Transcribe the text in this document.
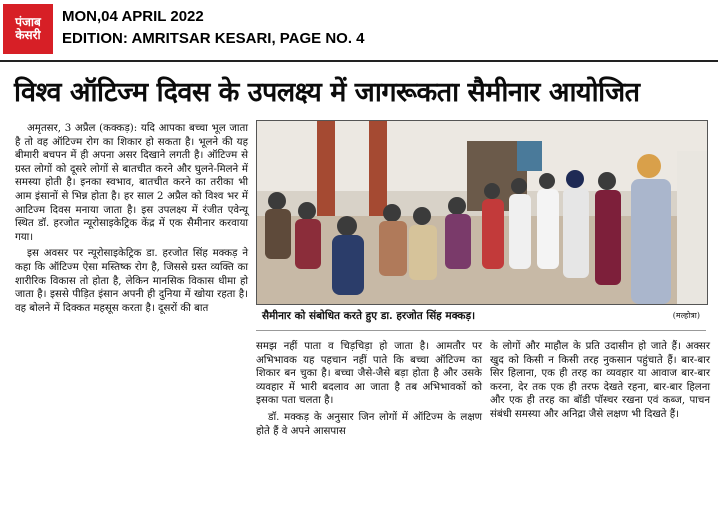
पंजाब
केसरी
MON,04 APRIL 2022
EDITION: AMRITSAR KESARI, PAGE NO. 4
विश्व ऑटिज्म दिवस के उपलक्ष्य में जागरूकता सैमीनार आयोजित

अमृतसर, 3 अप्रैल (कक्कड़): यदि आपका बच्चा भूल जाता है तो वह ऑटिज्म रोग का शिकार हो सकता है। भूलने की यह बीमारी बचपन में ही अपना असर दिखाने लगती है। ऑटिज्म से ग्रस्त लोगों को दूसरे लोगों से बातचीत करने और घुलने-मिलने में समस्या होती है। इनका स्वभाव, बातचीत करने का तरीका भी आम इंसानों से भिन्न होता है। हर साल 2 अप्रैल को विश्व भर में आटिज्म दिवस मनाया जाता है। इस उपलक्ष्य में रंजीत एवेन्यू स्थित डॉ. हरजोत न्यूरोसाइकेट्रिक केंद्र में एक सैमीनार करवाया गया।

इस अवसर पर न्यूरोसाइकेट्रिक डा. हरजोत सिंह मक्कड़ ने कहा कि ऑटिज्म ऐसा मस्तिष्क रोग है, जिससे ग्रस्त व्यक्ति का शारीरिक विकास तो होता है, लेकिन मानसिक विकास धीमा हो जाता है। इससे पीड़ित इंसान अपनी ही दुनिया में खोया रहता है। वह बोलने में दिक्कत महसूस करता है। दूसरों की बात

सैमीनार को संबोधित करते हुए डा. हरजोत सिंह मक्कड़।	(मल्होत्रा)

समझ नहीं पाता व चिड़चिड़ा हो जाता है। आमतौर पर अभिभावक यह पहचान नहीं पाते कि बच्चा ऑटिज्म का शिकार बन चुका है। बच्चा जैसे-जैसे बड़ा होता है और उसके व्यवहार में भारी बदलाव आ जाता है तब अभिभावकों को इसका पता चलता है।

डॉ. मक्कड़ के अनुसार जिन लोगों में ऑटिज्म के लक्षण होते हैं वे अपने आसपास

के लोगों और माहौल के प्रति उदासीन हो जाते हैं। अक्सर खुद को किसी न किसी तरह नुकसान पहुंचाते हैं। बार-बार सिर हिलाना, एक ही तरह का व्यवहार या आवाज बार-बार करना, देर तक एक ही तरफ देखते रहना, बार-बार हिलना और एक ही तरह का बॉडी पॉस्चर रखना एवं कब्ज, पाचन संबंधी समस्या और अनिद्रा जैसे लक्षण भी दिखते हैं।
